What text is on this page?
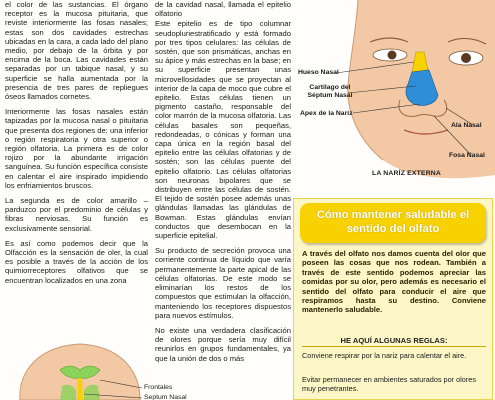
el color de las sustancias. El órgano receptor es la mucosa pituitaria, que reviste interiormente las fosas nasales; estas son dos cavidades estrechas ubicadas en la cara, a cada lado del plano medio, por debajo de la órbita y por encima de la boca. Las cavidades están separadas por un tabique nasal, y su superficie se halla aumentada por la presencia de tres pares de repliegues óseos llamados cornetes.

Interiormente las fosas nasales están tapizadas por la mucosa nasal o pituitaria que presenta dos regiones de: una inferior o región respiratoria y otra superior o región olfatoria. La primera es de color rojizo por la abundante irrigación sanguínea. Su función específica consiste en calentar el aire inspirado impidiendo los enfriamientos bruscos.

La segunda es de color amarillo – parduzco por el predominio de células y fibras nerviosas. Su función es exclusivamente sensorial.

Es así como podemos decir que la Olfacción es la sensación de oler, la cual es posible a través de la acción de los quimiorreceptores olfativos que se encuentran localizados en una zona

de la cavidad nasal, llamada el epitelio olfatorio

Este epitelio es de tipo columnar seudopluriestratificado y está formado por tres tipos celulares: las células de sostén, que son prismáticas, anchas en su ápice y más estrechas en la base; en su superficie presentan unas microvellosidades que se proyectan al interior de la capa de moco que cubre el epitelio. Estas células tienen un pigmento castaño, responsable del color marrón de la mucosa olfatoria. Las células basales son pequeñas, redondeadas, o cónicas y forman una capa única en la región basal del epitelio entre las células olfatorias y de sostén; son las células puente del epitelio olfatorio. Las células olfatorias son neuronas bipolares que se distribuyen entre las células de sostén. El tejido de sostén posee además unas glándulas llamadas las glándulas de Bowman. Estas glándulas envían conductos que desembocan en la superficie epitelial.

Su producto de secreción provoca una corriente continua de líquido que varía permanentemente la parte apical de las células olfatorias. De este modo se eliminarían los restos de los compuestos que estimulan la olfacción, manteniendo los receptores dispuestos para nuevos estímulos.

No existe una verdadera clasificación de olores porque sería muy difícil reunirlos en grupos fundamentales, ya que la unión de dos o más

Hueso Nasal
Cartílago del Séptum Nasal
Apex de la Nariz
Ala Nasal
Fosa Nasal
LA NARÍZ EXTERNA
Cómo mantener saludable el sentido del olfato
A través del olfato nos damos cuenta del olor que poseen las cosas que nos rodean. También a través de este sentido podemos apreciar las comidas por su olor, pero además es necesario el sentido del olfato para conducir el aire que respiramos hasta su destino. Conviene mantenerlo saludable.
HE AQUÍ ALGUNAS REGLAS:
Conviene respirar por la nariz para calentar el aire.
Evitar permanecer en ambientes saturados por olores muy penetrantes.
Frontales
Septum Nasal
